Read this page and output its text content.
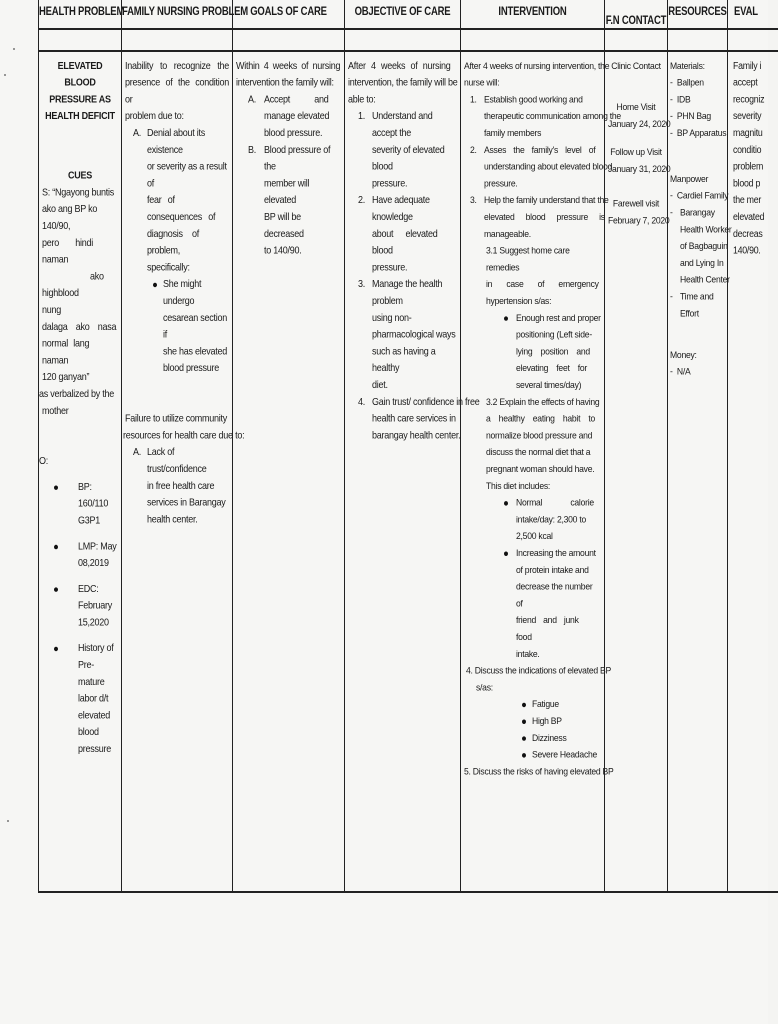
HEALTH PROBLEM
FAMILY NURSING PROBLEM GOALS OF CARE	OBJECTIVE OF CARE	INTERVENTION
F.N CONTACT
RESOURCES EVAL

ELEVATED BLOOD

PRESSURE AS

HEALTH DEFICIT

CUES

S: “Ngayong buntis

ako ang BP ko 140/90,

pero hindi naman

ako

highblood nung

dalaga ako nasa

normal lang naman

120 ganyan”

as verbalized by the

mother

O:

BP:

160/110

G3P1

LMP: May

08,2019

EDC:

February

15,2020

History of

Pre-

mature

labor d/t

elevated

blood

pressure

Inability to recognize the

presence of the condition or

problem due to:

A. Denial about its existence

or severity as a result of

fear of consequences of

diagnosis of problem,

specifically:

She might undergo

cesarean section if

she has elevated

blood pressure

Failure to utilize community

resources for health care due to:

A. Lack of trust/confidence

in free health care

services in Barangay

health center.

Within 4 weeks of nursing

intervention the family will:

A. Accept and

manage elevated

blood pressure.

B. Blood pressure of the

member will elevated

BP will be decreased

to 140/90.

After 4 weeks of nursing

intervention, the family will be

able to:

1. Understand and accept the

severity of elevated blood

pressure.

2. Have adequate knowledge

about elevated blood

pressure.

3. Manage the health problem

using non-

pharmacological ways

such as having a healthy

diet.

4. Gain trust/ confidence in free

health care services in

barangay health center.

After 4 weeks of nursing intervention, the

nurse will:

1. Establish good working and

therapeutic communication among the

family members

2. Asses the family's level of

understanding about elevated blood

pressure.

3. Help the family understand that the

elevated blood pressure is

manageable.

3.1 Suggest home care remedies

in case of emergency

hypertension s/as:

Enough rest and proper

positioning (Left side-

lying position and

elevating feet for

several times/day)

3.2 Explain the effects of having

a healthy eating habit to

normalize blood pressure and

discuss the normal diet that a

pregnant woman should have.

This diet includes:

Normal calorie

intake/day: 2,300 to

2,500 kcal

Increasing the amount

of protein intake and

decrease the number of

friend and junk food

intake.

4. Discuss the indications of elevated BP

s/as:

Fatigue

High BP

Dizziness

Severe Headache

5. Discuss the risks of having elevated BP

Clinic Contact

Home Visit

January 24, 2020

Follow up Visit

January 31, 2020

Farewell visit

February 7, 2020

Materials:

-  Ballpen

-  IDB

-  PHN Bag

-  BP Apparatus

Manpower

-  Cardiel Family

- Barangay

Health Worker

of Bagbaguin

and Lying In

Health Center

- Time and

Effort

Money:

-  N/A

Family i

accept

recogniz

severity

magnitu

conditio

problem

blood p

the mer

elevated

decreas

140/90.
